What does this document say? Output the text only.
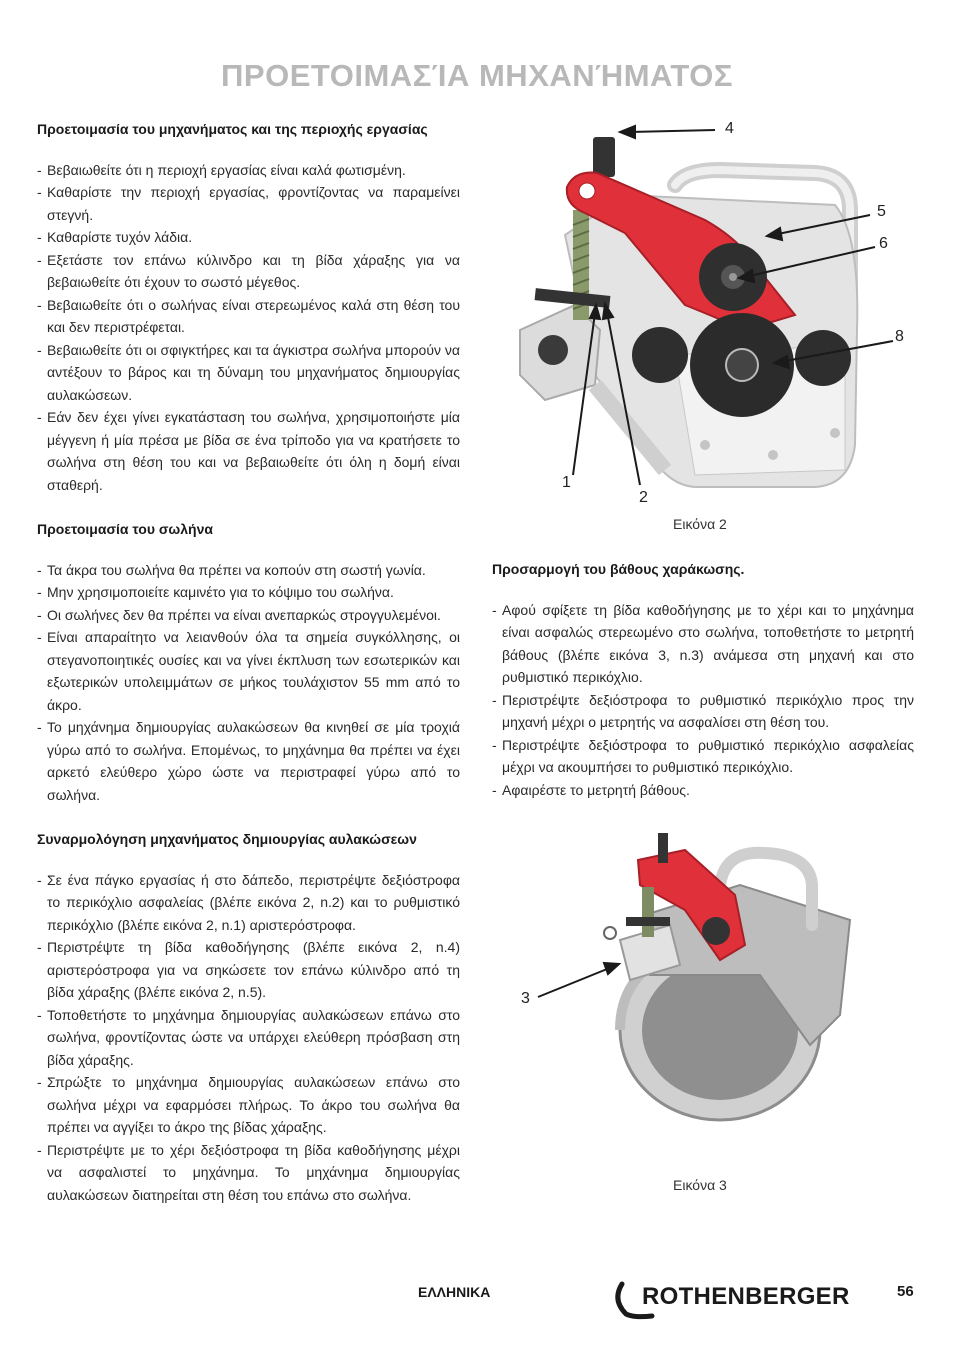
ΠΡΟΕΤΟΙΜΑΣΊΑ ΜΗΧΑΝΉΜΑΤΟΣ

Προετοιμασία του μηχανήματος και της περιοχής εργασίας

- Βεβαιωθείτε ότι η περιοχή εργασίας είναι καλά φωτισμένη.
- Καθαρίστε την περιοχή εργασίας, φροντίζοντας να παραμείνει στεγνή.
- Καθαρίστε τυχόν λάδια.
- Εξετάστε τον επάνω κύλινδρο και τη βίδα χάραξης για να βεβαιωθείτε ότι έχουν το σωστό μέγεθος.
- Βεβαιωθείτε ότι ο σωλήνας είναι στερεωμένος καλά στη θέση του και δεν περιστρέφεται.
- Βεβαιωθείτε ότι οι σφιγκτήρες και τα άγκιστρα σωλήνα μπορούν να αντέξουν το βάρος και τη δύναμη του μηχανήματος δημιουργίας αυλακώσεων.
- Εάν δεν έχει γίνει εγκατάσταση του σωλήνα, χρησιμοποιήστε μία μέγγενη ή μία πρέσα με βίδα σε ένα τρίποδο για να κρατήσετε το σωλήνα στη θέση του και να βεβαιωθείτε ότι όλη η δομή είναι σταθερή.

Προετοιμασία του σωλήνα

- Τα άκρα του σωλήνα θα πρέπει να κοπούν στη σωστή γωνία.
- Μην χρησιμοποιείτε καμινέτο για το κόψιμο του σωλήνα.
- Οι σωλήνες δεν θα πρέπει να είναι ανεπαρκώς στρογγυλεμένοι.
- Είναι απαραίτητο να λειανθούν όλα τα σημεία συγκόλλησης, οι στεγανοποιητικές ουσίες και να γίνει έκπλυση των εσωτερικών και εξωτερικών υπολειμμάτων σε μήκος τουλάχιστον 55 mm από το άκρο.
- Το μηχάνημα δημιουργίας αυλακώσεων θα κινηθεί σε μία τροχιά γύρω από το σωλήνα. Επομένως, το μηχάνημα θα πρέπει να έχει αρκετό ελεύθερο χώρο ώστε να περιστραφεί γύρω από το σωλήνα.

Συναρμολόγηση μηχανήματος δημιουργίας αυλακώσεων

- Σε ένα πάγκο εργασίας ή στο δάπεδο, περιστρέψτε δεξιόστροφα το περικόχλιο ασφαλείας (βλέπε εικόνα 2, n.2) και το ρυθμιστικό περικόχλιο (βλέπε εικόνα 2, n.1) αριστερόστροφα.
- Περιστρέψτε τη βίδα καθοδήγησης (βλέπε εικόνα 2, n.4) αριστερόστροφα για να σηκώσετε τον επάνω κύλινδρο από τη βίδα χάραξης (βλέπε εικόνα 2, n.5).
- Τοποθετήστε το μηχάνημα δημιουργίας αυλακώσεων επάνω στο σωλήνα, φροντίζοντας ώστε να υπάρχει ελεύθερη πρόσβαση στη βίδα χάραξης.
- Σπρώξτε το μηχάνημα δημιουργίας αυλακώσεων επάνω στο σωλήνα μέχρι να εφαρμόσει πλήρως. Το άκρο του σωλήνα θα πρέπει να αγγίξει το άκρο της βίδας χάραξης.
- Περιστρέψτε με το χέρι δεξιόστροφα τη βίδα καθοδήγησης μέχρι να ασφαλιστεί το μηχάνημα. Το μηχάνημα δημιουργίας αυλακώσεων διατηρείται στη θέση του επάνω στο σωλήνα.
4
5
6
8
1
2
Εικόνα 2

Προσαρμογή του βάθους χαράκωσης.

- Αφού σφίξετε τη βίδα καθοδήγησης με το χέρι και το μηχάνημα είναι ασφαλώς στερεωμένο στο σωλήνα, τοποθετήστε το μετρητή βάθους (βλέπε εικόνα 3, n.3) ανάμεσα στη μηχανή και στο ρυθμιστικό περικόχλιο.
- Περιστρέψτε δεξιόστροφα το ρυθμιστικό περικόχλιο προς την μηχανή μέχρι ο μετρητής να ασφαλίσει στη θέση του.
- Περιστρέψτε δεξιόστροφα το ρυθμιστικό περικόχλιο ασφαλείας μέχρι να ακουμπήσει το ρυθμιστικό περικόχλιο.
- Αφαιρέστε το μετρητή βάθους.
3
Εικόνα 3
ΕΛΛΗΝΙΚΑ	ROTHENBERGER	56
